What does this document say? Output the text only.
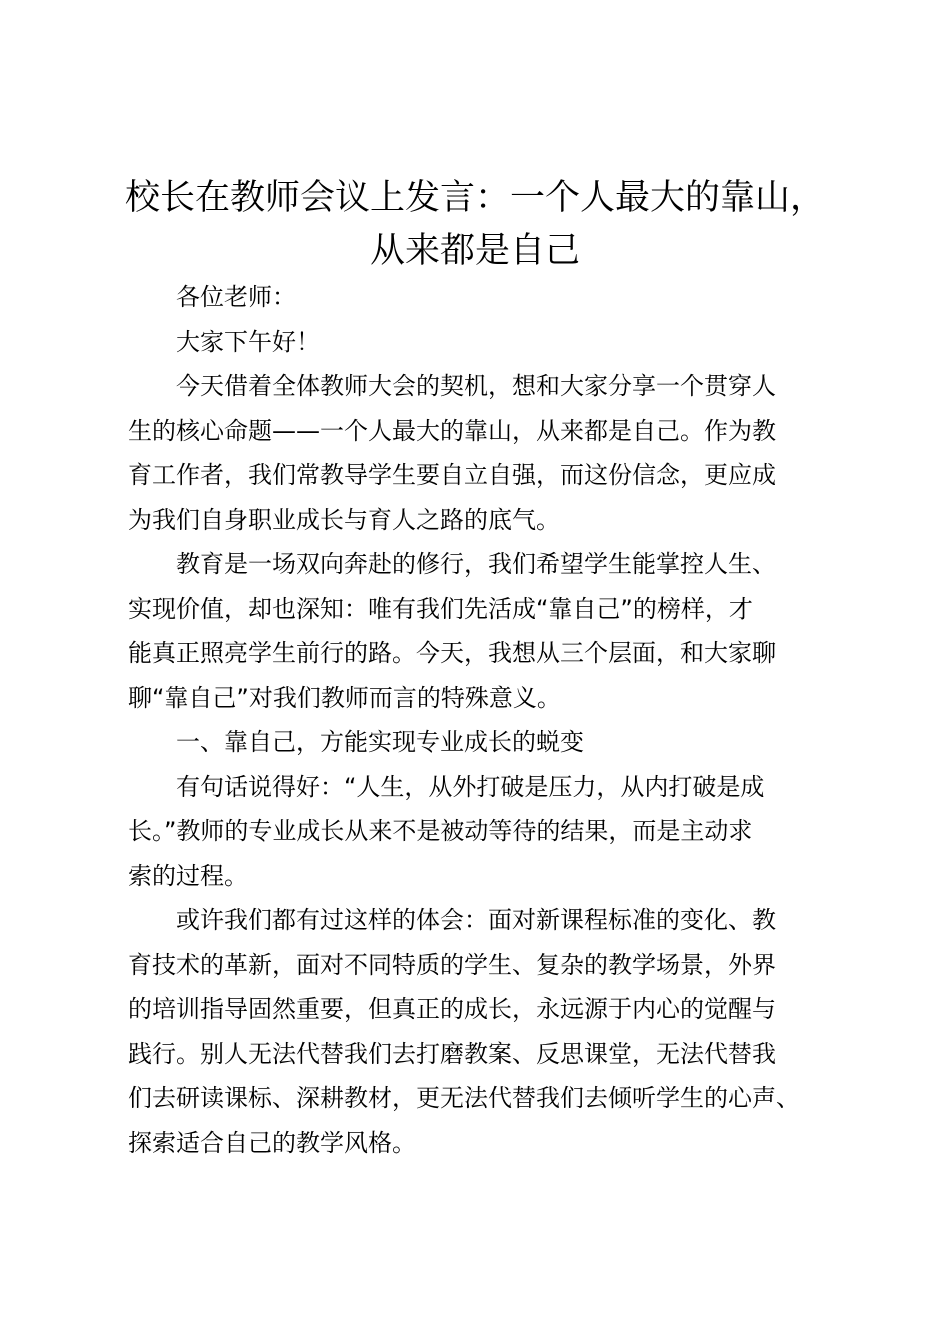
校长在教师会议上发言：一个人最大的靠山，
从来都是自己

各位老师：

大家下午好！

今天借着全体教师大会的契机，想和大家分享一个贯穿人
生的核心命题——一个人最大的靠山，从来都是自己。作为教
育工作者，我们常教导学生要自立自强，而这份信念，更应成
为我们自身职业成长与育人之路的底气。

教育是一场双向奔赴的修行，我们希望学生能掌控人生、
实现价值，却也深知：唯有我们先活成“靠自己”的榜样，才
能真正照亮学生前行的路。今天，我想从三个层面，和大家聊
聊“靠自己”对我们教师而言的特殊意义。

一、靠自己，方能实现专业成长的蜕变

有句话说得好：“人生，从外打破是压力，从内打破是成
长。”教师的专业成长从来不是被动等待的结果，而是主动求
索的过程。

或许我们都有过这样的体会：面对新课程标准的变化、教
育技术的革新，面对不同特质的学生、复杂的教学场景，外界
的培训指导固然重要，但真正的成长，永远源于内心的觉醒与
践行。别人无法代替我们去打磨教案、反思课堂，无法代替我
们去研读课标、深耕教材，更无法代替我们去倾听学生的心声、
探索适合自己的教学风格。
